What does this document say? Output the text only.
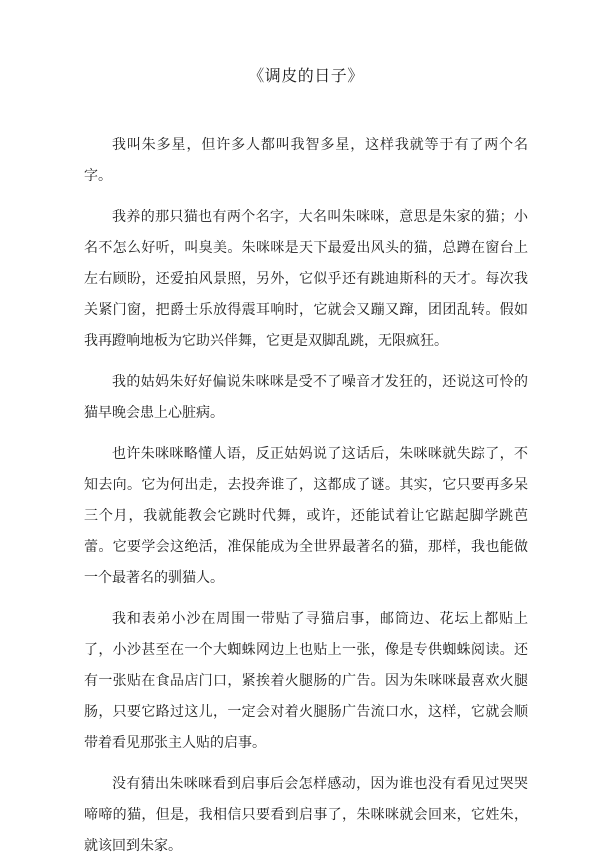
《调皮的日子》

我叫朱多星，但许多人都叫我智多星，这样我就等于有了两个名字。

我养的那只猫也有两个名字，大名叫朱咪咪，意思是朱家的猫；小名不怎么好听，叫臭美。朱咪咪是天下最爱出风头的猫，总蹲在窗台上左右顾盼，还爱拍风景照，另外，它似乎还有跳迪斯科的天才。每次我关紧门窗，把爵士乐放得震耳响时，它就会又蹦又蹿，团团乱转。假如我再蹬响地板为它助兴伴舞，它更是双脚乱跳，无限疯狂。

我的姑妈朱好好偏说朱咪咪是受不了噪音才发狂的，还说这可怜的猫早晚会患上心脏病。

也许朱咪咪略懂人语，反正姑妈说了这话后，朱咪咪就失踪了，不知去向。它为何出走，去投奔谁了，这都成了谜。其实，它只要再多呆三个月，我就能教会它跳时代舞，或许，还能试着让它踮起脚学跳芭蕾。它要学会这绝活，准保能成为全世界最著名的猫，那样，我也能做一个最著名的驯猫人。

我和表弟小沙在周围一带贴了寻猫启事，邮筒边、花坛上都贴上了，小沙甚至在一个大蜘蛛网边上也贴上一张，像是专供蜘蛛阅读。还有一张贴在食品店门口，紧挨着火腿肠的广告。因为朱咪咪最喜欢火腿肠，只要它路过这儿，一定会对着火腿肠广告流口水，这样，它就会顺带着看见那张主人贴的启事。

没有猜出朱咪咪看到启事后会怎样感动，因为谁也没有看见过哭哭啼啼的猫，但是，我相信只要看到启事了，朱咪咪就会回来，它姓朱，就该回到朱家。
